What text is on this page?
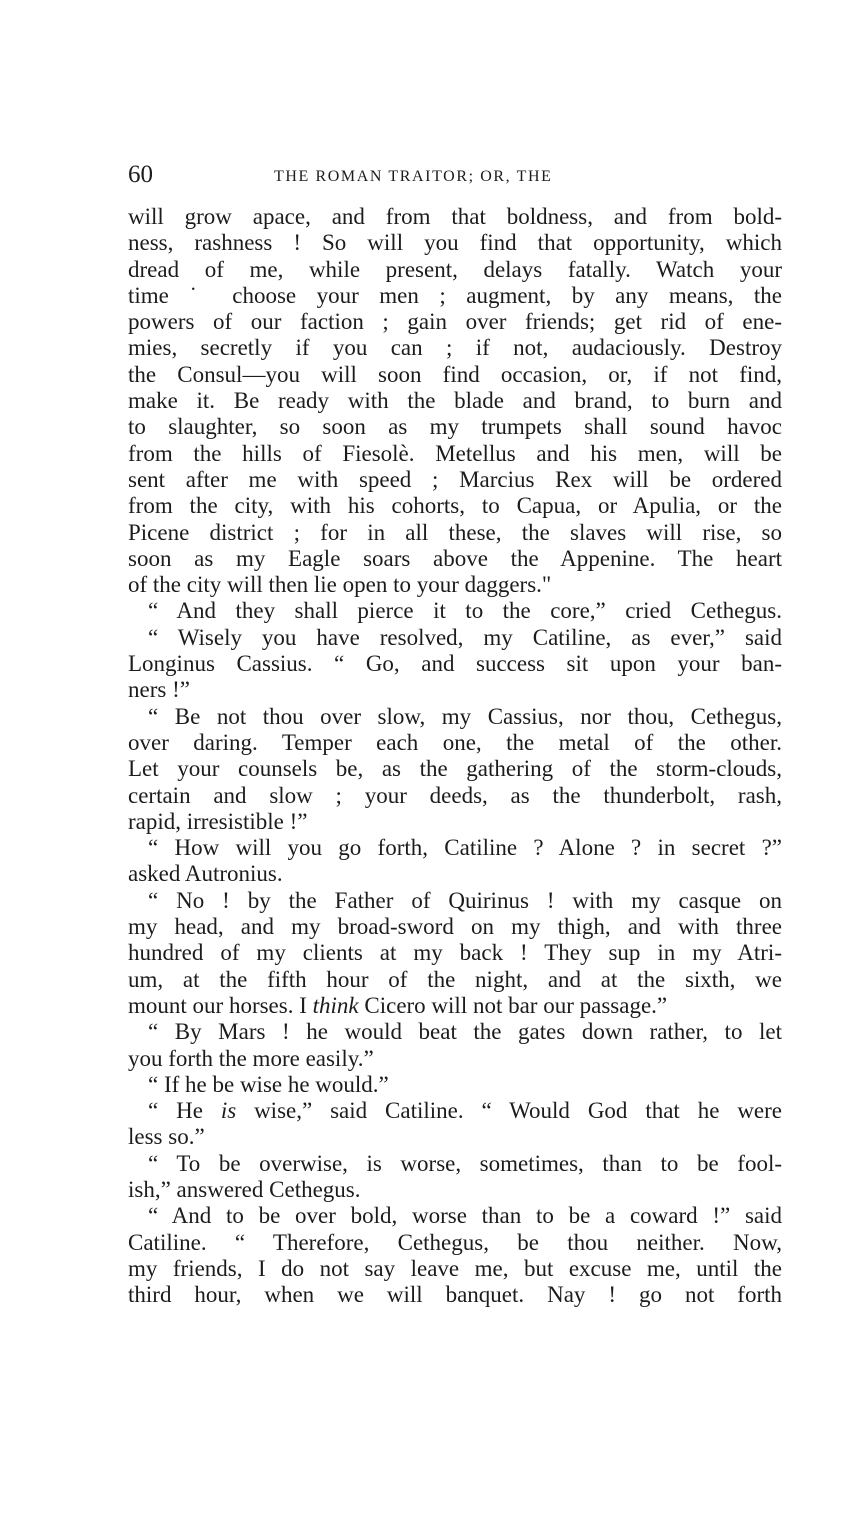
60	THE ROMAN TRAITOR; OR, THE
will grow apace, and from that boldness, and from bold-
ness, rashness ! So will you find that opportunity, which
dread of me, while present, delays fatally. Watch your
time ˙ choose your men ; augment, by any means, the
powers of our faction ; gain over friends; get rid of ene-
mies, secretly if you can ; if not, audaciously. Destroy
the Consul—you will soon find occasion, or, if not find,
make it. Be ready with the blade and brand, to burn and
to slaughter, so soon as my trumpets shall sound havoc
from the hills of Fiesolè. Metellus and his men, will be
sent after me with speed ; Marcius Rex will be ordered
from the city, with his cohorts, to Capua, or Apulia, or the
Picene district ; for in all these, the slaves will rise, so
soon as my Eagle soars above the Appenine. The heart
of the city will then lie open to your daggers."
“ And they shall pierce it to the core,” cried Cethegus.
“ Wisely you have resolved, my Catiline, as ever,” said
Longinus Cassius. “ Go, and success sit upon your ban-
ners !”
“ Be not thou over slow, my Cassius, nor thou, Cethegus,
over daring. Temper each one, the metal of the other.
Let your counsels be, as the gathering of the storm-clouds,
certain and slow ; your deeds, as the thunderbolt, rash,
rapid, irresistible !”
“ How will you go forth, Catiline ? Alone ? in secret ?”
asked Autronius.
“ No ! by the Father of Quirinus ! with my casque on
my head, and my broad-sword on my thigh, and with three
hundred of my clients at my back ! They sup in my Atri-
um, at the fifth hour of the night, and at the sixth, we
mount our horses. I think Cicero will not bar our passage.”
“ By Mars ! he would beat the gates down rather, to let
you forth the more easily.”
“ If he be wise he would.”
“ He is wise,” said Catiline. “ Would God that he were
less so.”
“ To be overwise, is worse, sometimes, than to be fool-
ish,” answered Cethegus.
“ And to be over bold, worse than to be a coward !” said
Catiline. “ Therefore, Cethegus, be thou neither. Now,
my friends, I do not say leave me, but excuse me, until the
third hour, when we will banquet. Nay ! go not forth
